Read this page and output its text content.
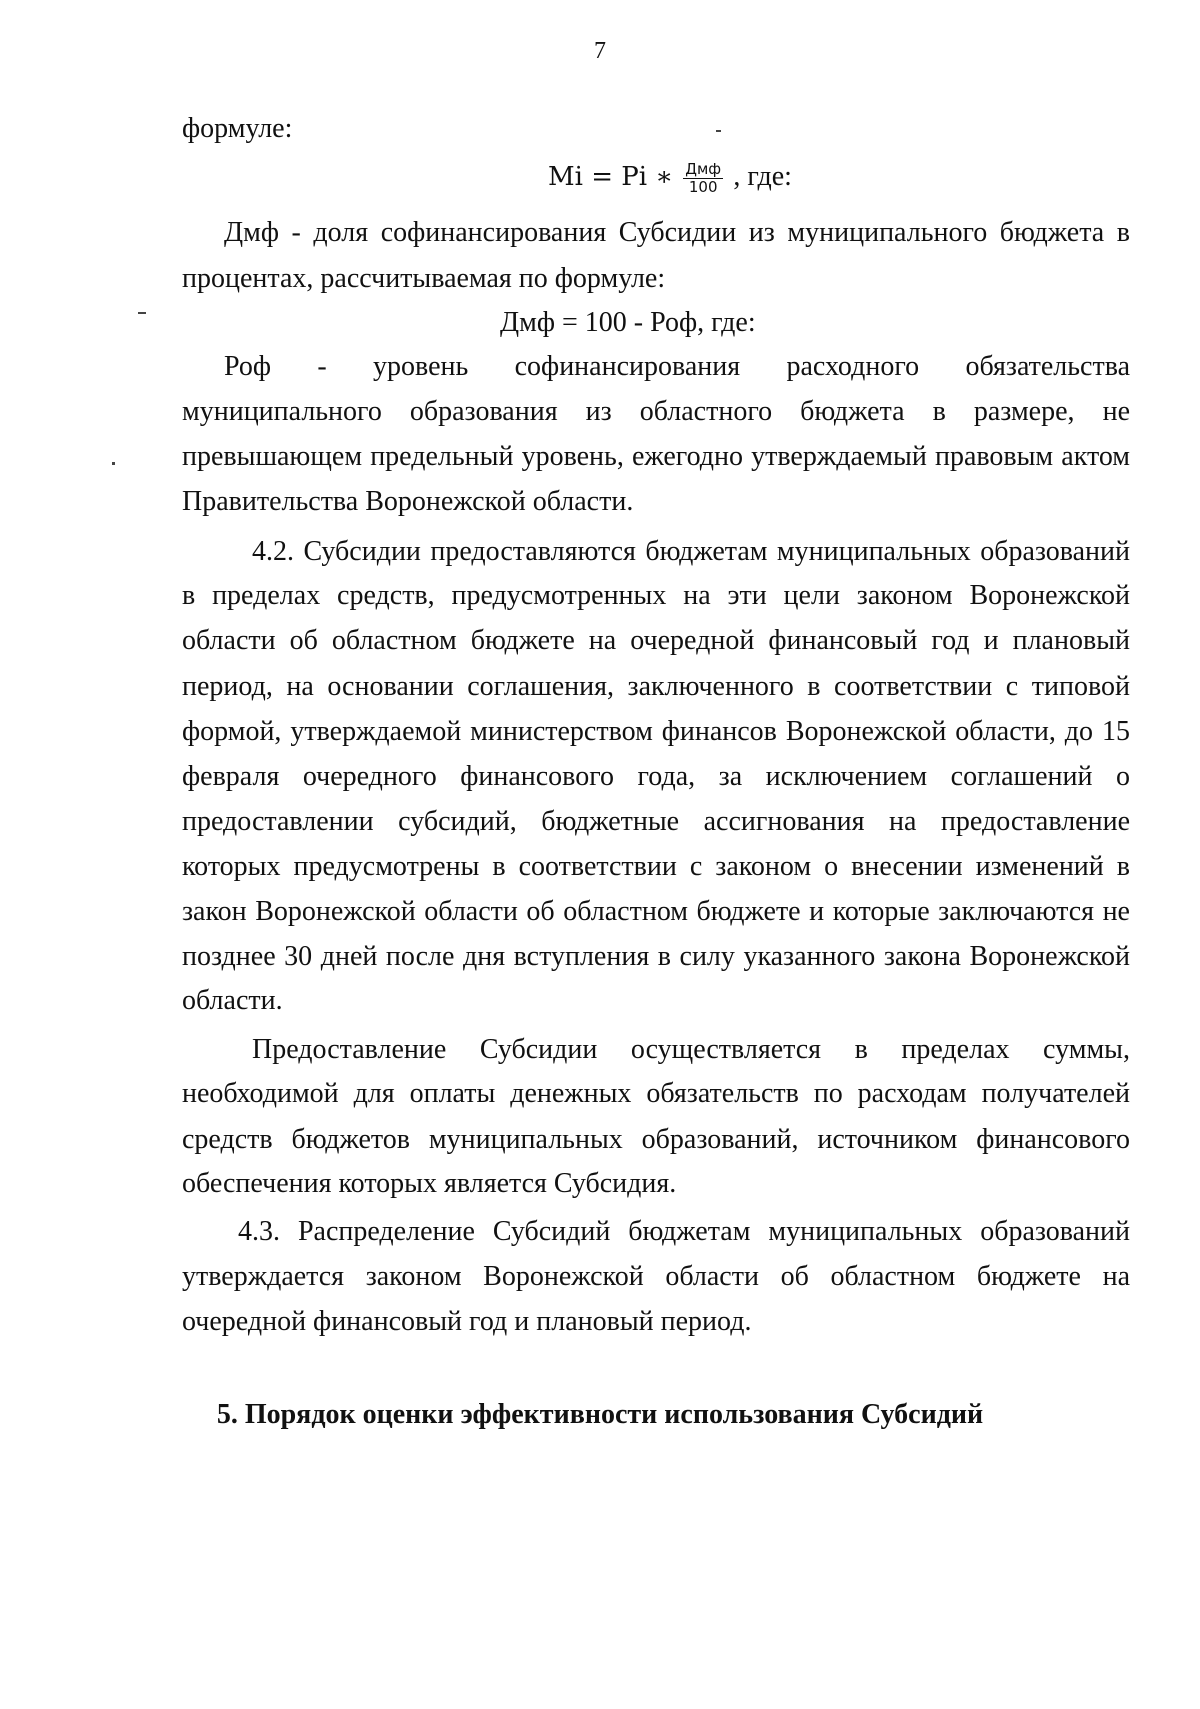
7
формуле:
Mi = Pi ∗ $\frac{\text{Дмф}}{100}$ , где:
Дмф - доля софинансирования Субсидии из муниципального бюджета в
процентах, рассчитываемая по формуле:
Дмф = 100 - Роф, где:
Роф - уровень софинансирования расходного обязательства
муниципального образования из областного бюджета в размере, не
превышающем предельный уровень, ежегодно утверждаемый правовым актом
Правительства Воронежской области.
4.2. Субсидии предоставляются бюджетам муниципальных образований
в пределах средств, предусмотренных на эти цели законом Воронежской
области об областном бюджете на очередной финансовый год и плановый
период, на основании соглашения, заключенного в соответствии с типовой
формой, утверждаемой министерством финансов Воронежской области, до 15
февраля очередного финансового года, за исключением соглашений о
предоставлении субсидий, бюджетные ассигнования на предоставление
которых предусмотрены в соответствии с законом о внесении изменений в
закон Воронежской области об областном бюджете и которые заключаются не
позднее 30 дней после дня вступления в силу указанного закона Воронежской
области.
Предоставление Субсидии осуществляется в пределах суммы,
необходимой для оплаты денежных обязательств по расходам получателей
средств бюджетов муниципальных образований, источником финансового
обеспечения которых является Субсидия.
4.3. Распределение Субсидий бюджетам муниципальных образований
утверждается законом Воронежской области об областном бюджете на
очередной финансовый год и плановый период.
5. Порядок оценки эффективности использования Субсидий
